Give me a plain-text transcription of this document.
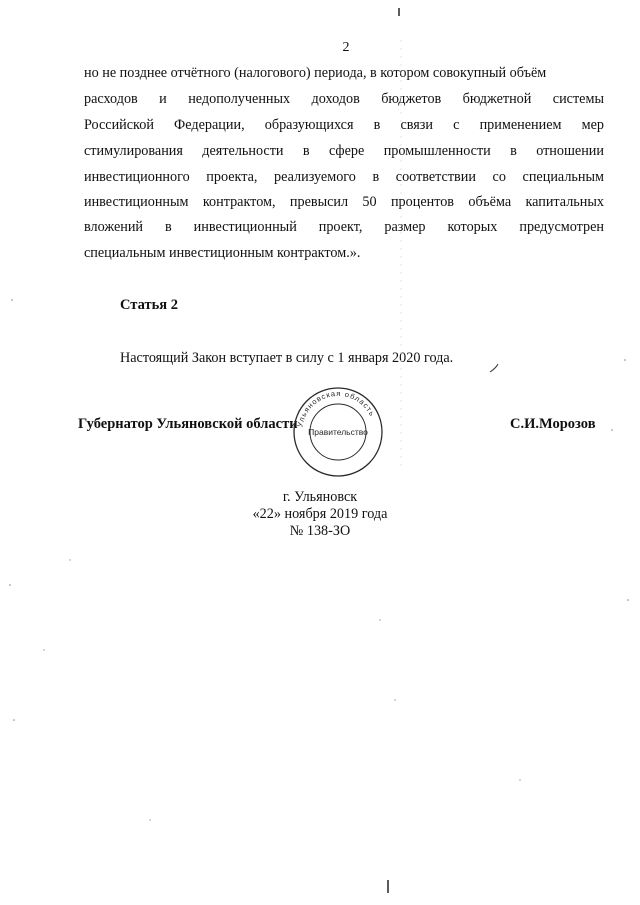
2
но не позднее отчётного (налогового) периода, в котором совокупный объём
расходов и недополученных доходов бюджетов бюджетной системы
Российской Федерации, образующихся в связи с применением мер
стимулирования деятельности в сфере промышленности в отношении
инвестиционного проекта, реализуемого в соответствии со специальным
инвестиционным контрактом, превысил 50 процентов объёма капитальных
вложений в инвестиционный проект, размер которых предусмотрен
специальным инвестиционным контрактом.».
Статья 2
Настоящий Закон вступает в силу с 1 января 2020 года.
Губернатор Ульяновской области	С.И.Морозов
Ульяновская область
Правительство
г. Ульяновск
«22» ноября 2019 года
№ 138-ЗО
